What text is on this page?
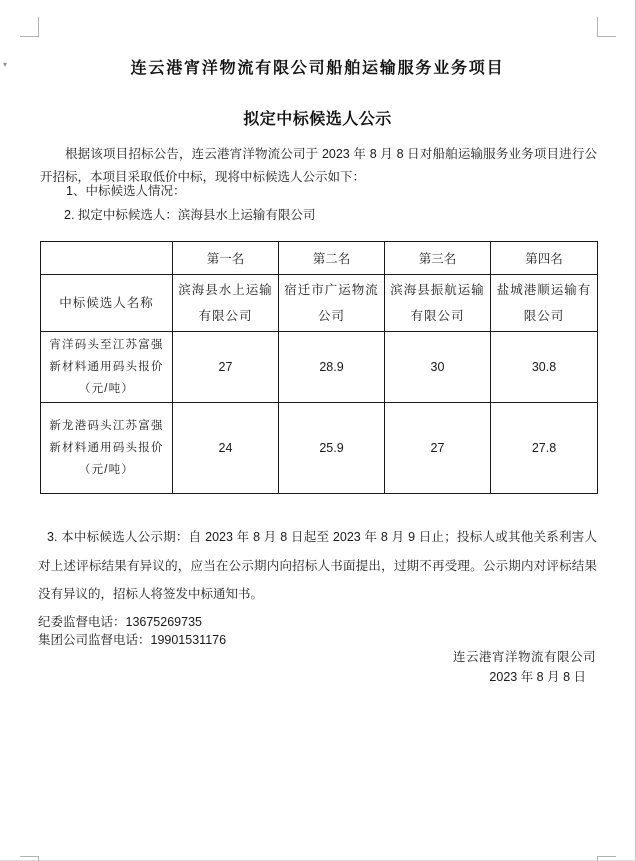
▾	连云港宵洋物流有限公司船舶运输服务业务项目
拟定中标候选人公示

根据该项目招标公告，连云港宵洋物流公司于 2023 年 8 月 8 日对船舶运输服务业务项目进行公开招标，本项目采取低价中标，现将中标候选人公示如下：

1、中标候选人情况：

2. 拟定中标候选人：滨海县水上运输有限公司

	第一名	第二名	第三名	第四名
中标候选人名称	滨海县水上运输有限公司	宿迁市广运物流公司	滨海县振航运输有限公司	盐城港顺运输有限公司
宵洋码头至江苏富强新材料通用码头报价（元/吨）	27	28.9	30	30.8
新龙港码头江苏富强新材料通用码头报价（元/吨）	24	25.9	27	27.8

3. 本中标候选人公示期：自 2023 年 8 月 8 日起至 2023 年 8 月 9 日止；投标人或其他关系利害人对上述评标结果有异议的，应当在公示期内向招标人书面提出，过期不再受理。公示期内对评标结果没有异议的，招标人将签发中标通知书。

纪委监督电话：13675269735

集团公司监督电话：19901531176

连云港宵洋物流有限公司

2023 年 8 月 8 日
